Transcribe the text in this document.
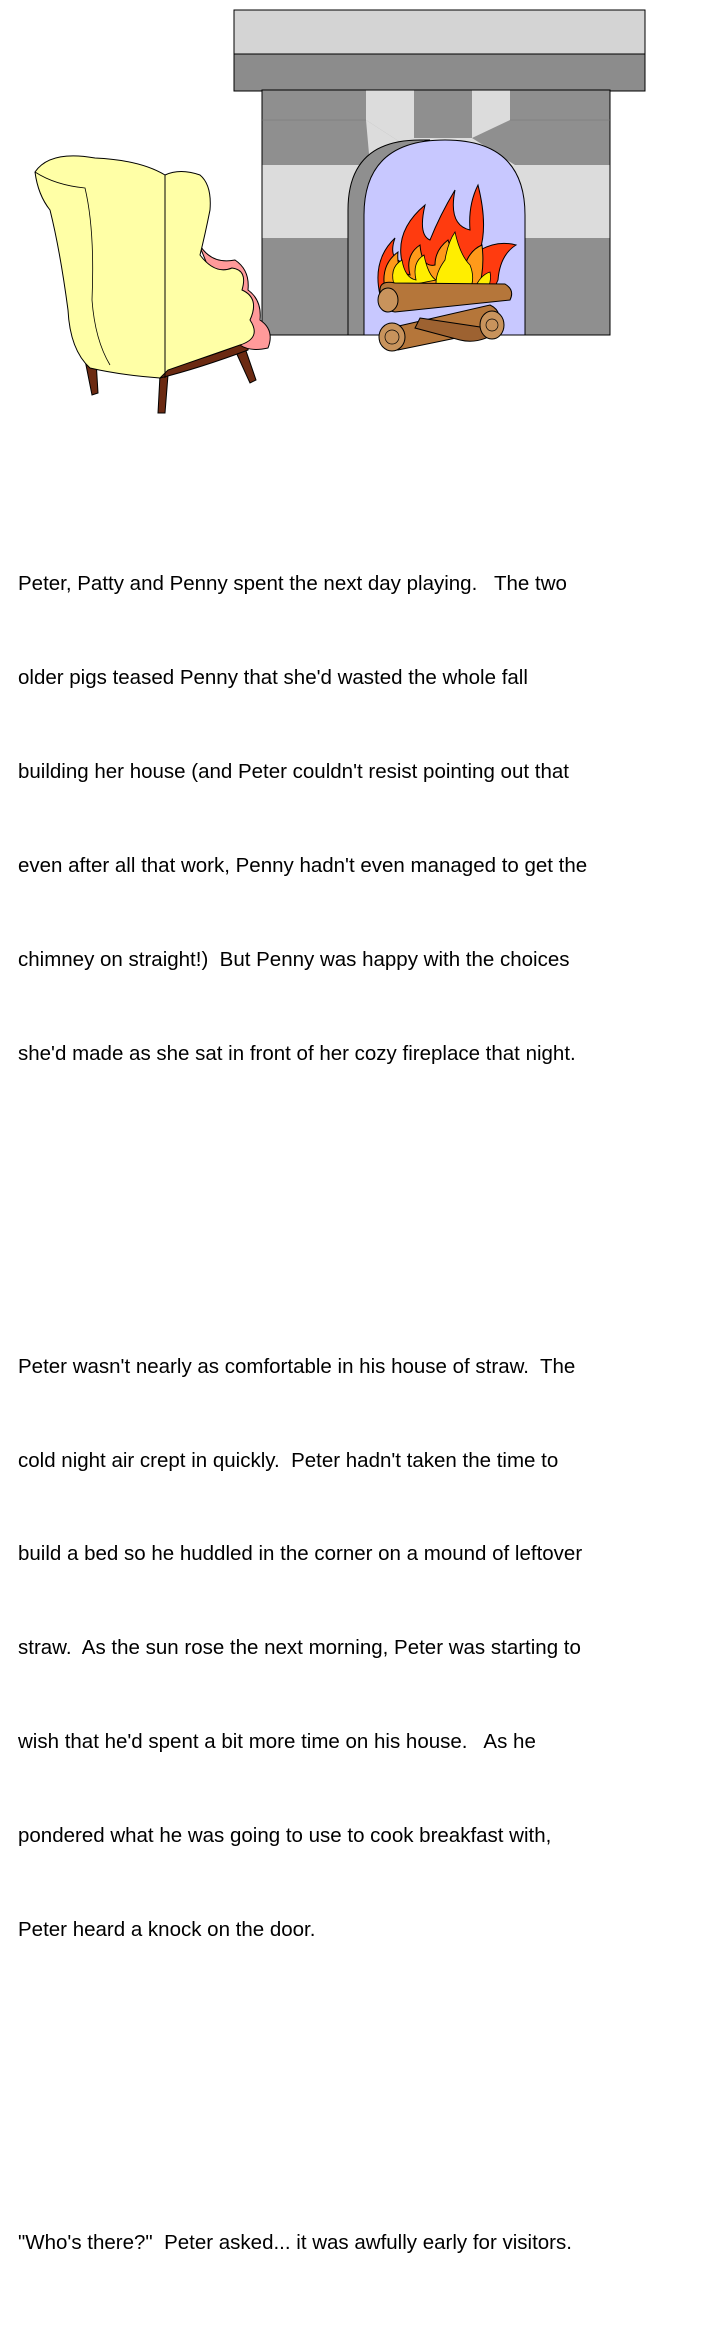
Peter, Patty and Penny spent the next day playing.   The two

older pigs teased Penny that she'd wasted the whole fall

building her house (and Peter couldn't resist pointing out that

even after all that work, Penny hadn't even managed to get the

chimney on straight!)  But Penny was happy with the choices

she'd made as she sat in front of her cozy fireplace that night.

Peter wasn't nearly as comfortable in his house of straw.  The

cold night air crept in quickly.  Peter hadn't taken the time to

build a bed so he huddled in the corner on a mound of leftover

straw.  As the sun rose the next morning, Peter was starting to

wish that he'd spent a bit more time on his house.   As he

pondered what he was going to use to cook breakfast with,

Peter heard a knock on the door.

"Who's there?"  Peter asked... it was awfully early for visitors.
